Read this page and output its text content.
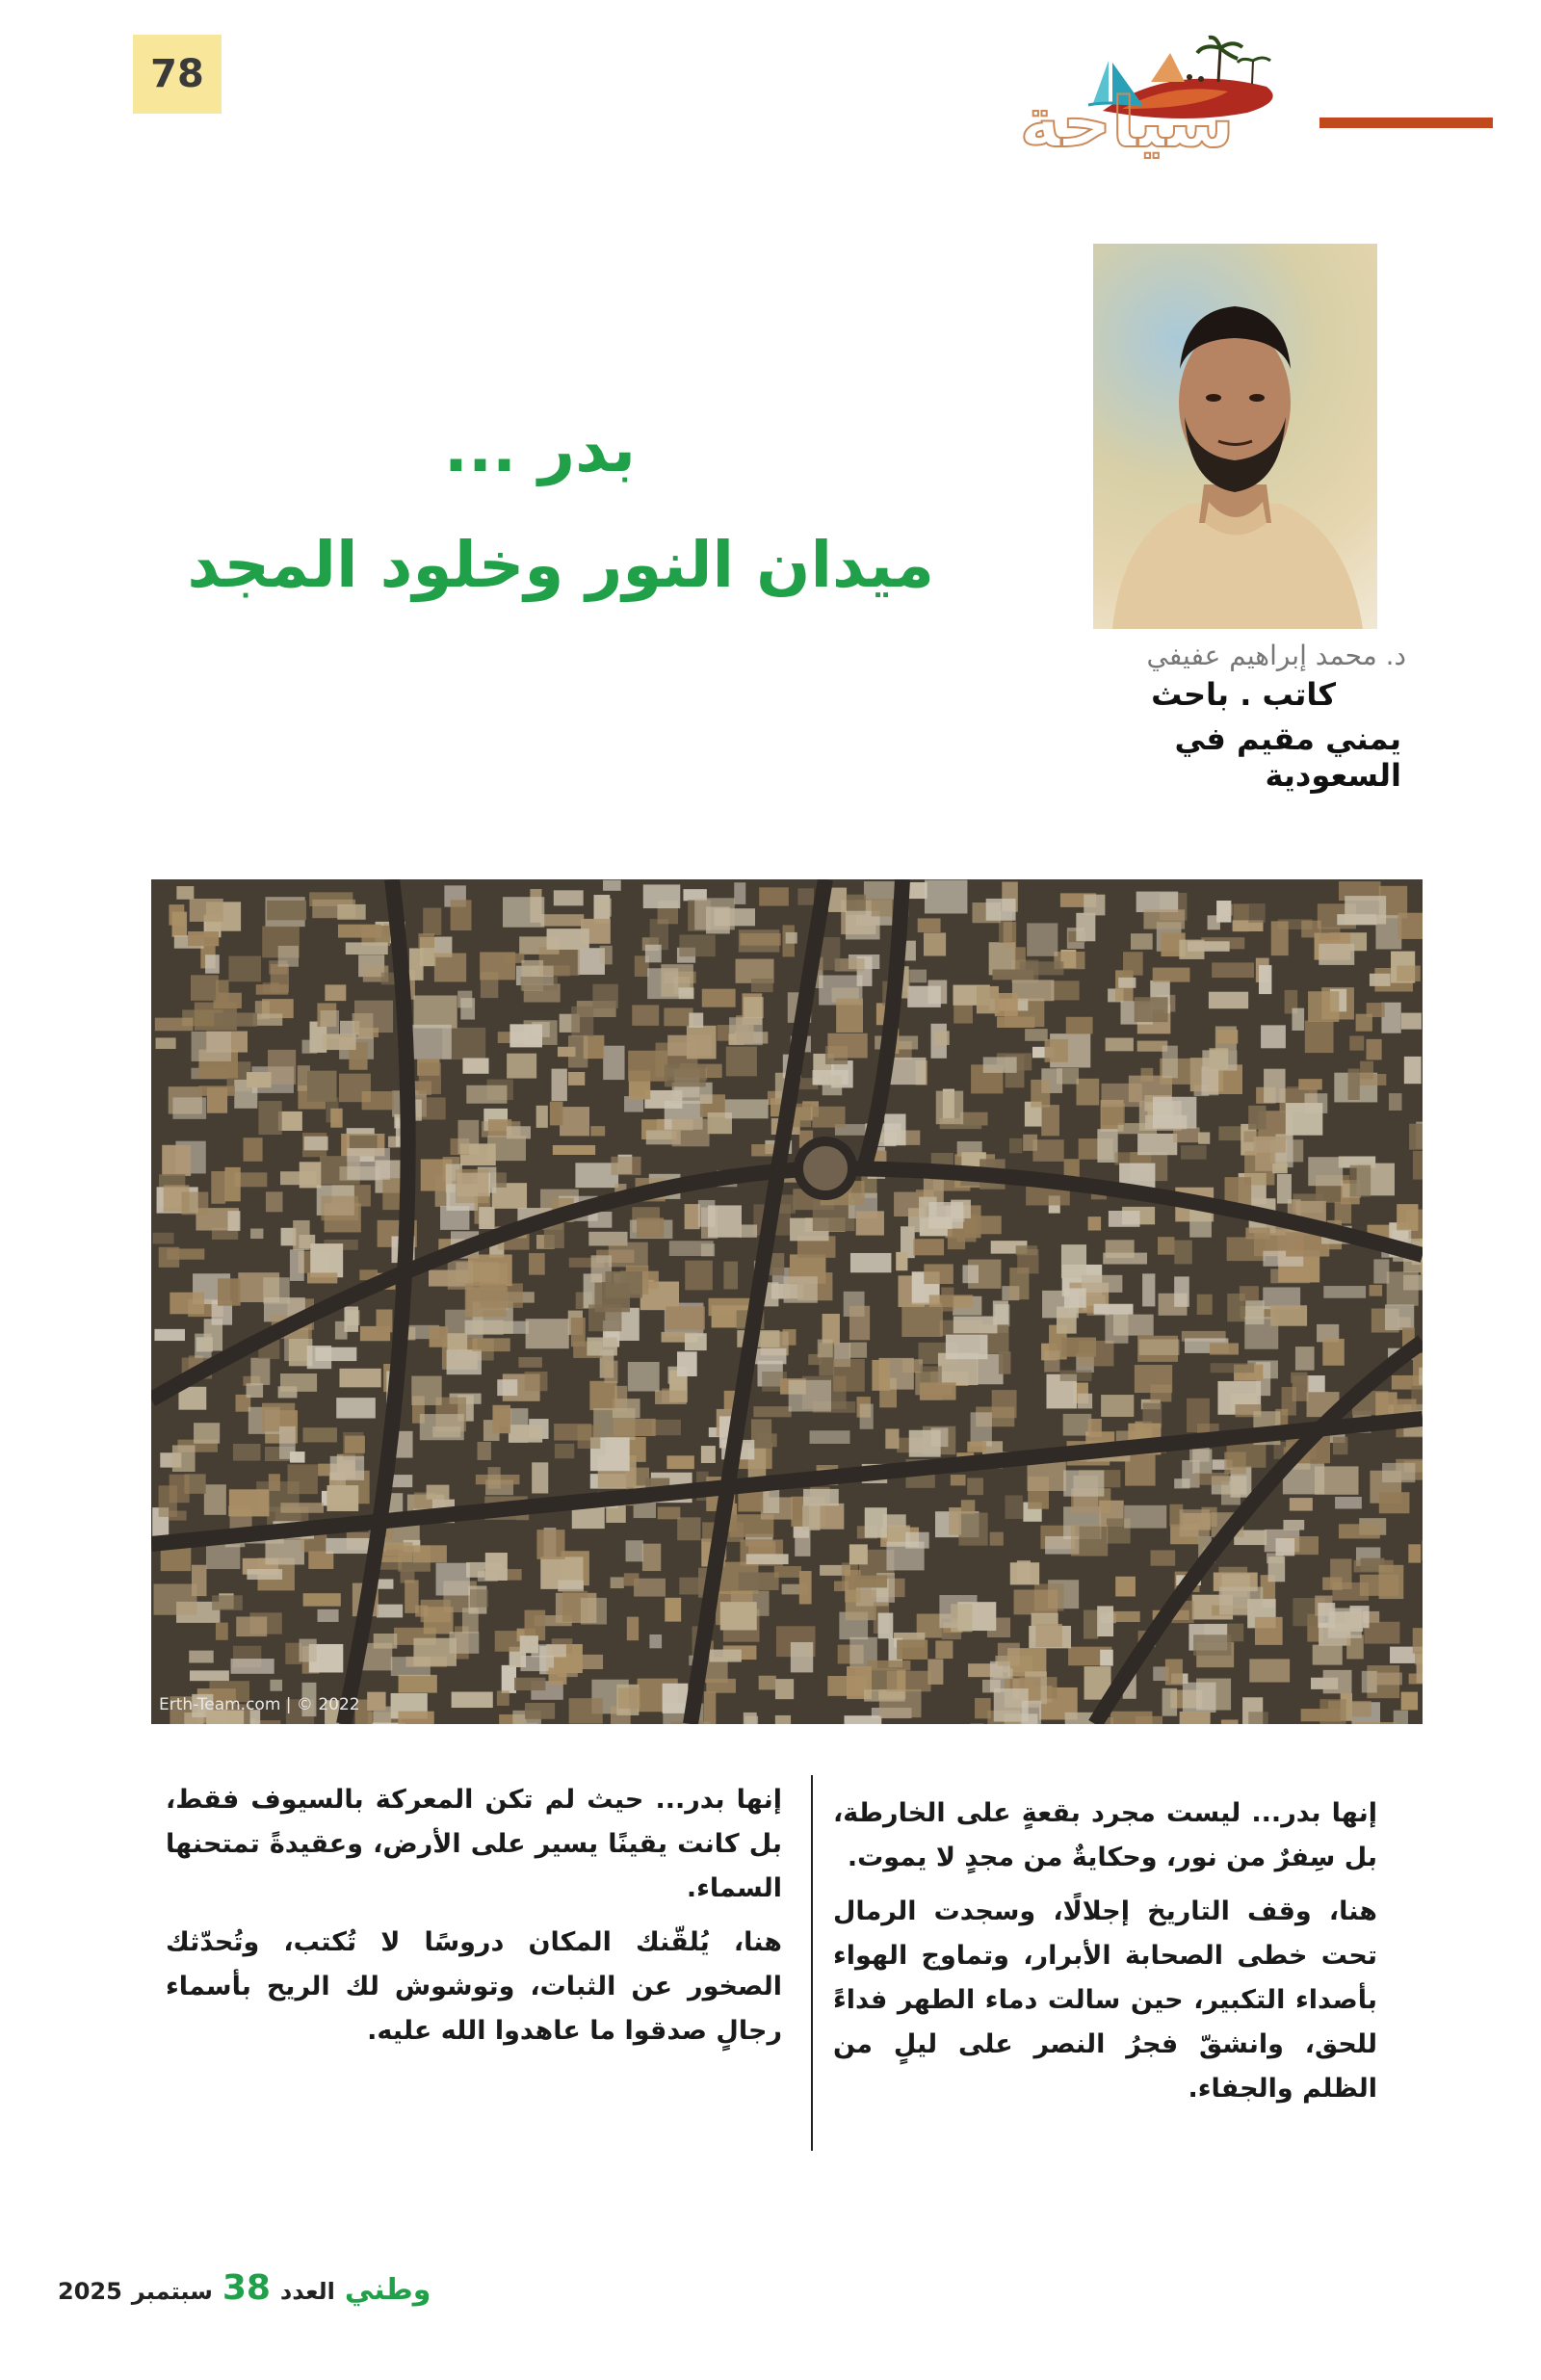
78
سياحة
د. محمد إبراهيم عفيفي
كاتب . باحث
يمني مقيم في السعودية
بدر ...
ميدان النور وخلود المجد
Erth-Team.com | © 2022

إنها بدر... ليست مجرد بقعةٍ على الخارطة، بل سِفرٌ من نور، وحكايةٌ من مجدٍ لا يموت.

هنا، وقف التاريخ إجلالًا، وسجدت الرمال تحت خطى الصحابة الأبرار، وتماوج الهواء بأصداء التكبير، حين سالت دماء الطهر فداءً للحق، وانشقّ فجرُ النصر على ليلٍ من الظلم والجفاء.

إنها بدر... حيث لم تكن المعركة بالسيوف فقط، بل كانت يقينًا يسير على الأرض، وعقيدةً تمتحنها السماء.

هنا، يُلقّنك المكان دروسًا لا تُكتب، وتُحدّثك الصخور عن الثبات، وتوشوش لك الريح بأسماء رجالٍ صدقوا ما عاهدوا الله عليه.

2025 سبتمبر 38 العدد وطني
